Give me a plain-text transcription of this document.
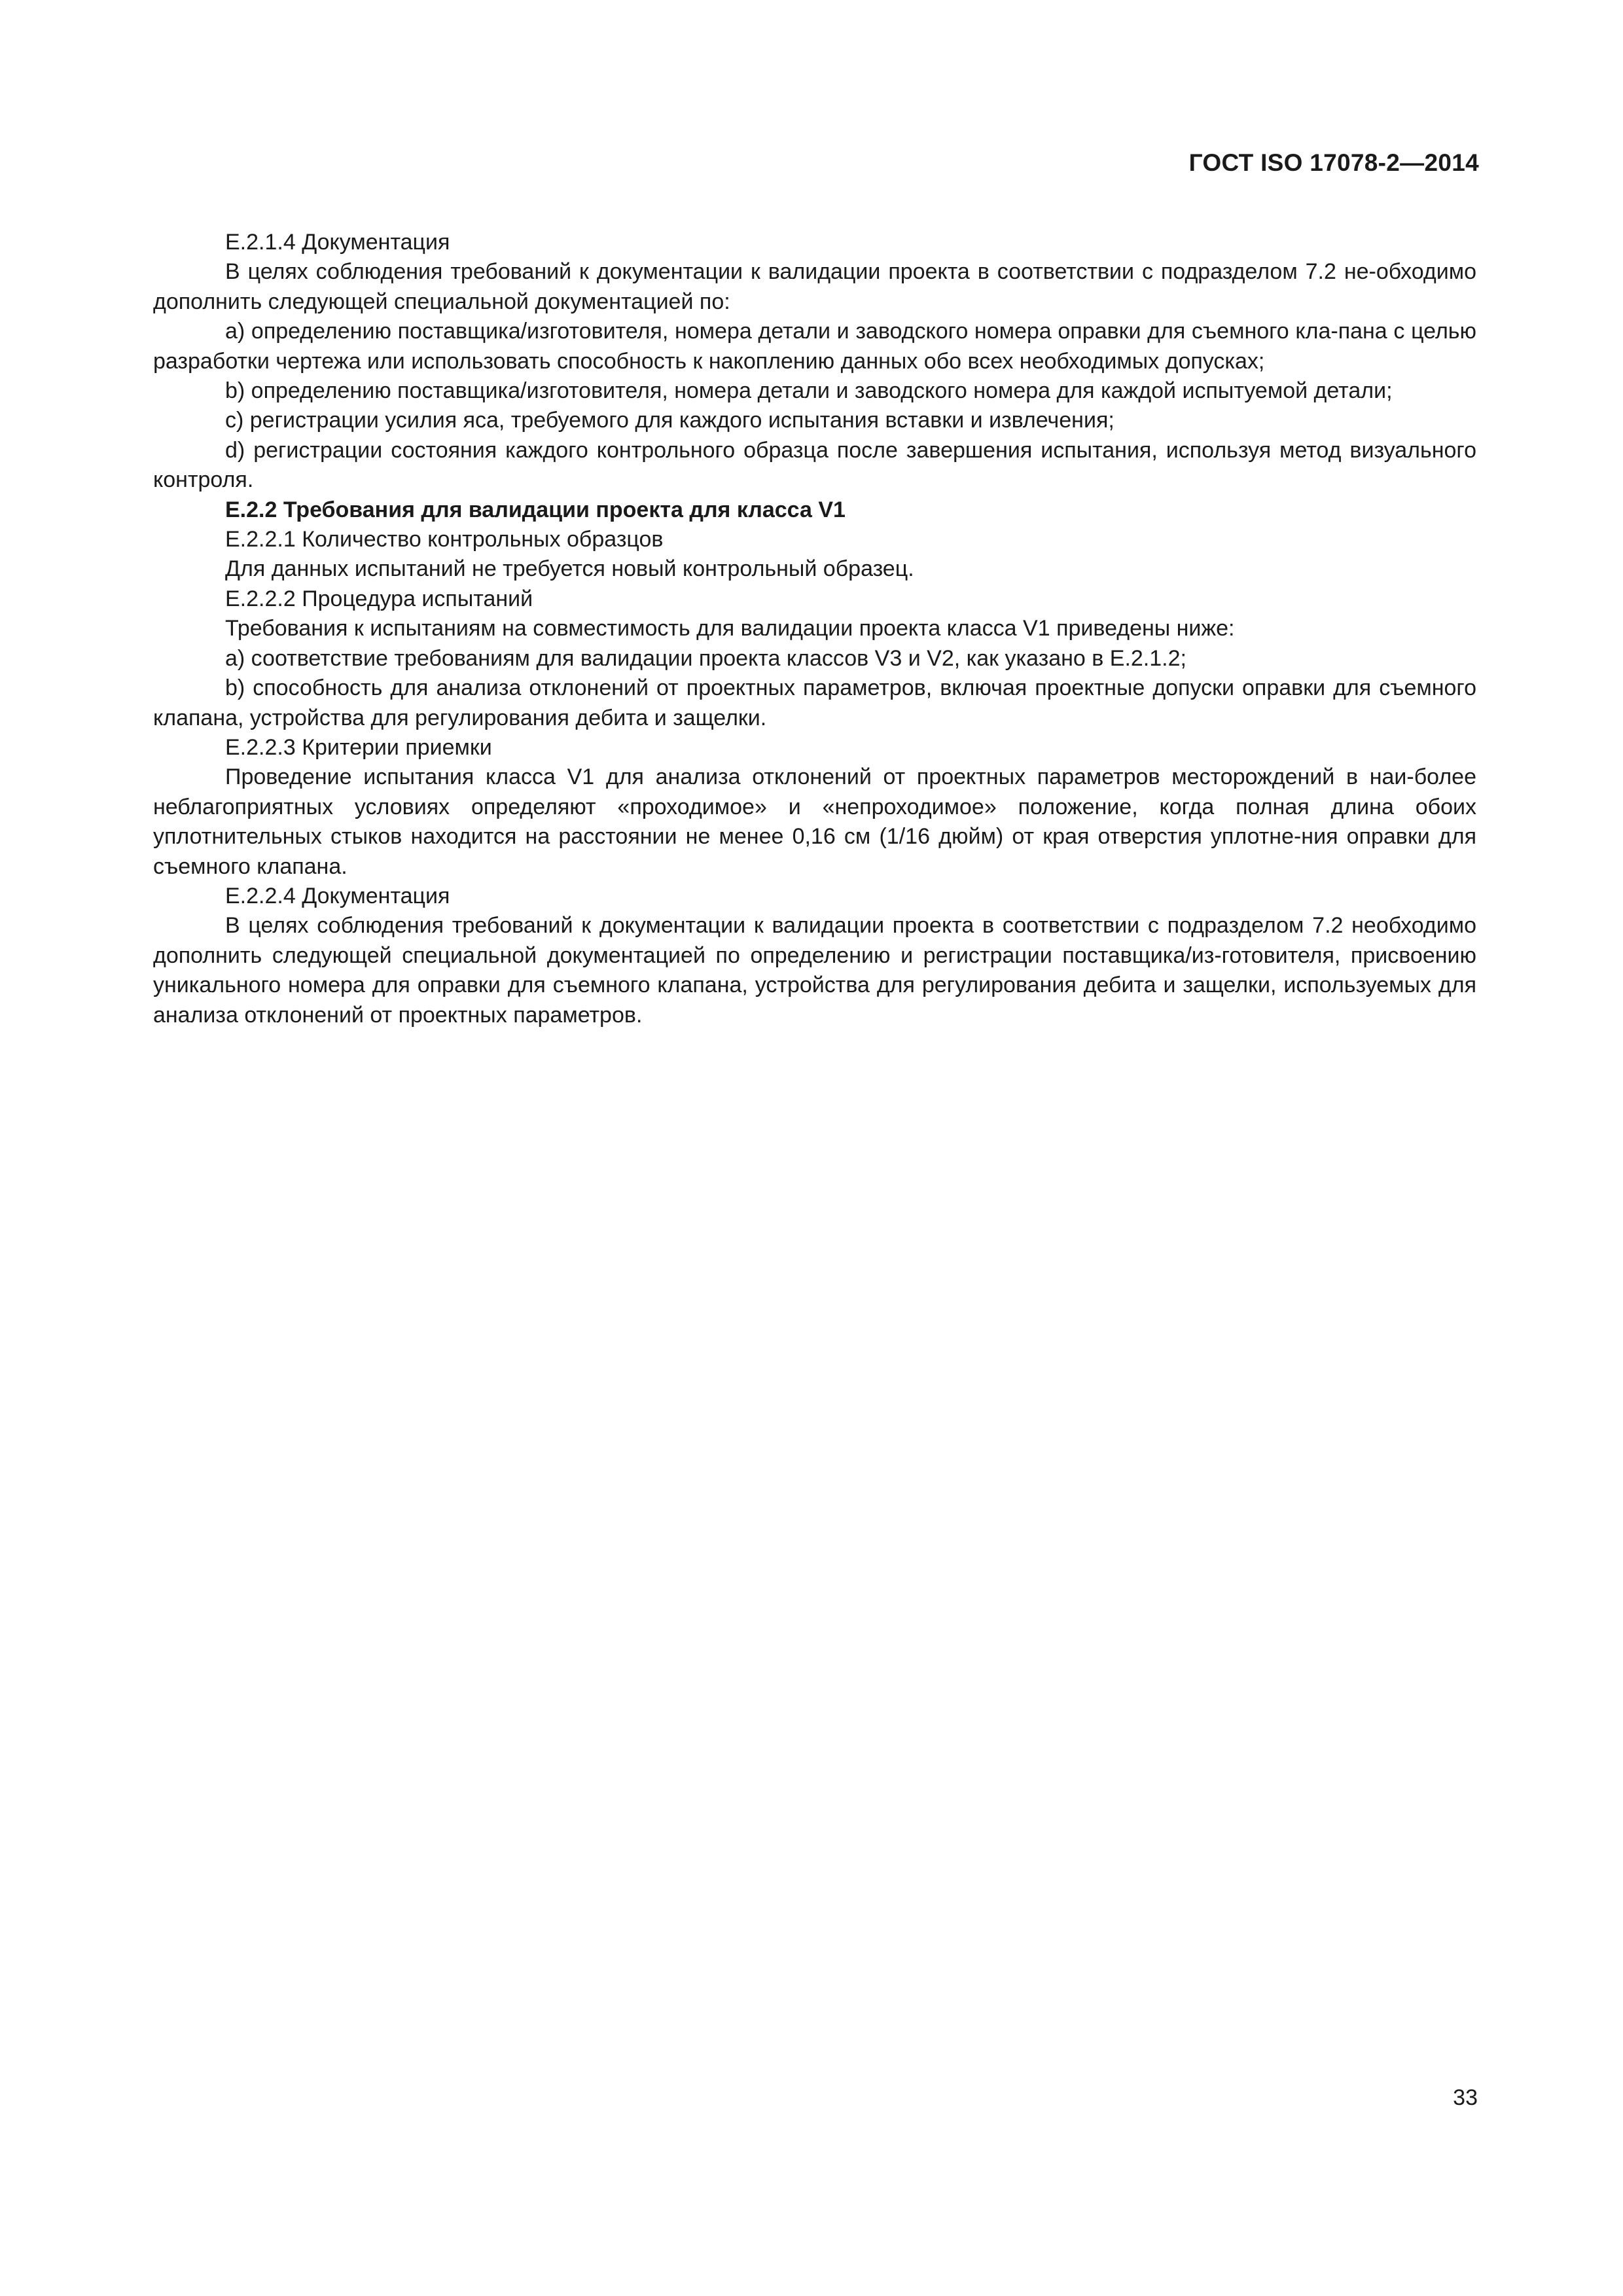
ГОСТ ISO 17078-2—2014

Е.2.1.4 Документация

В целях соблюдения требований к документации к валидации проекта в соответствии с подразделом 7.2 не-обходимо дополнить следующей специальной документацией по:

a) определению поставщика/изготовителя, номера детали и заводского номера оправки для съемного кла-пана с целью разработки чертежа или использовать способность к накоплению данных обо всех необходимых допусках;

b) определению поставщика/изготовителя, номера детали и заводского номера для каждой испытуемой детали;

c) регистрации усилия яса, требуемого для каждого испытания вставки и извлечения;

d) регистрации состояния каждого контрольного образца после завершения испытания, используя метод визуального контроля.

Е.2.2 Требования для валидации проекта для класса V1

Е.2.2.1 Количество контрольных образцов

Для данных испытаний не требуется новый контрольный образец.

Е.2.2.2 Процедура испытаний

Требования к испытаниям на совместимость для валидации проекта класса V1 приведены ниже:

a) соответствие требованиям для валидации проекта классов V3 и V2, как указано в Е.2.1.2;

b) способность для анализа отклонений от проектных параметров, включая проектные допуски оправки для съемного клапана, устройства для регулирования дебита и защелки.

Е.2.2.3 Критерии приемки

Проведение испытания класса V1 для анализа отклонений от проектных параметров месторождений в наи-более неблагоприятных условиях определяют «проходимое» и «непроходимое» положение, когда полная длина обоих уплотнительных стыков находится на расстоянии не менее 0,16 см (1/16 дюйм) от края отверстия уплотне-ния оправки для съемного клапана.

Е.2.2.4 Документация

В целях соблюдения требований к документации к валидации проекта в соответствии с подразделом 7.2 необходимо дополнить следующей специальной документацией по определению и регистрации поставщика/из-готовителя, присвоению уникального номера для оправки для съемного клапана, устройства для регулирования дебита и защелки, используемых для анализа отклонений от проектных параметров.

33
